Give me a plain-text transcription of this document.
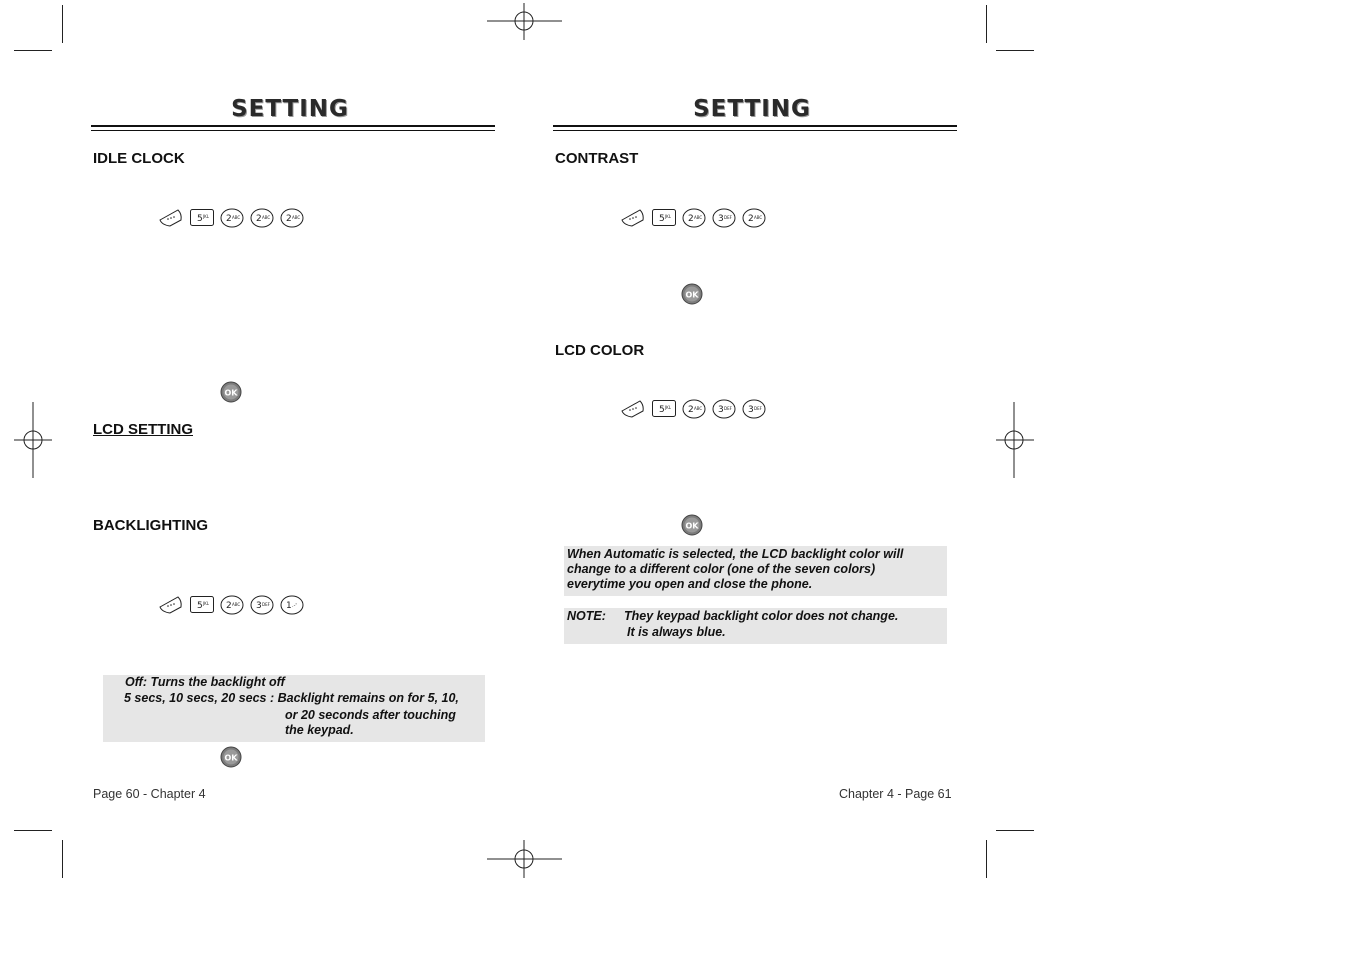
SETTING
IDLE CLOCK
5 JKL 2 ABC 2 ABC 2 ABC
LCD SETTING
BACKLIGHTING
5 JKL 2 ABC 3 DEF 1 .-'
Off: Turns the backlight off
5 secs, 10 secs, 20 secs : Backlight remains on for 5, 10,
or 20 seconds after touching
the keypad.
Page 60 - Chapter 4
SETTING
CONTRAST
5 JKL 2 ABC 3 DEF 2 ABC
LCD COLOR
5 JKL 2 ABC 3 DEF 3 DEF
When Automatic is selected, the LCD backlight color will
change to a different color (one of the seven colors)
everytime you open and close the phone.
NOTE: They keypad backlight color does not change.
It is always blue.
Chapter 4 - Page 61
